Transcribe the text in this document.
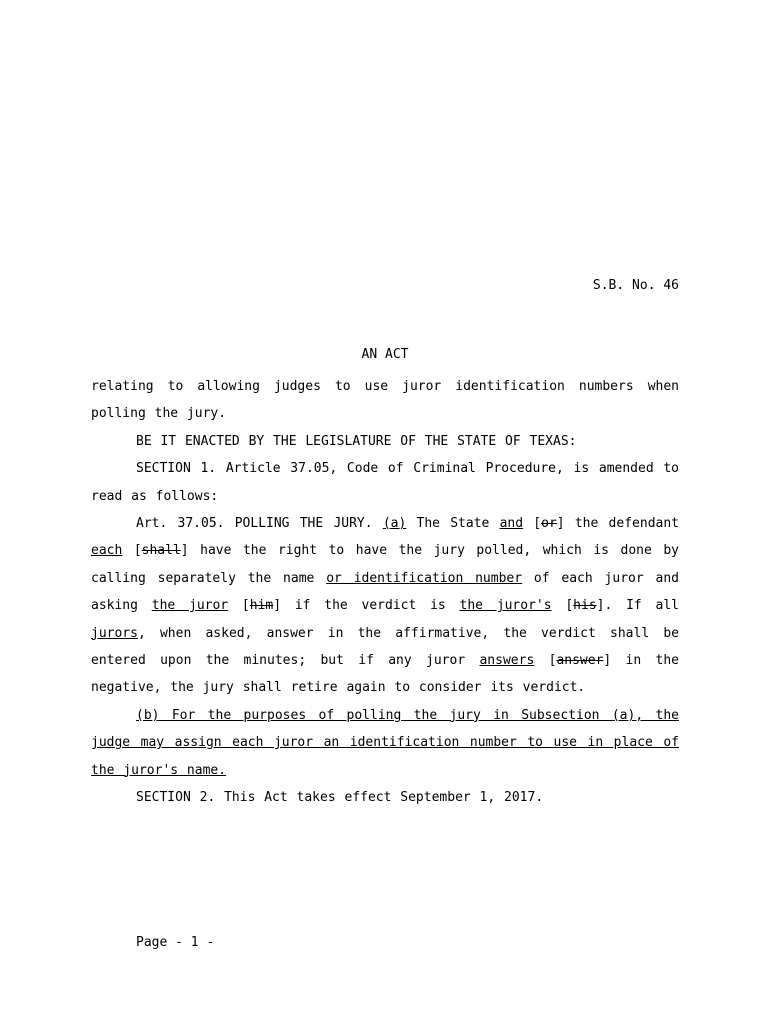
S.B. No. 46
AN ACT

relating to allowing judges to use juror identification numbers when polling the jury.

BE IT ENACTED BY THE LEGISLATURE OF THE STATE OF TEXAS:

SECTION 1. Article 37.05, Code of Criminal Procedure, is amended to read as follows:

Art. 37.05. POLLING THE JURY. (a) The State and [or] the defendant each [shall] have the right to have the jury polled, which is done by calling separately the name or identification number of each juror and asking the juror [him] if the verdict is the juror's [his]. If all jurors, when asked, answer in the affirmative, the verdict shall be entered upon the minutes; but if any juror answers [answer] in the negative, the jury shall retire again to consider its verdict.

(b) For the purposes of polling the jury in Subsection (a), the judge may assign each juror an identification number to use in place of the juror's name.

SECTION 2. This Act takes effect September 1, 2017.

Page - 1 -
